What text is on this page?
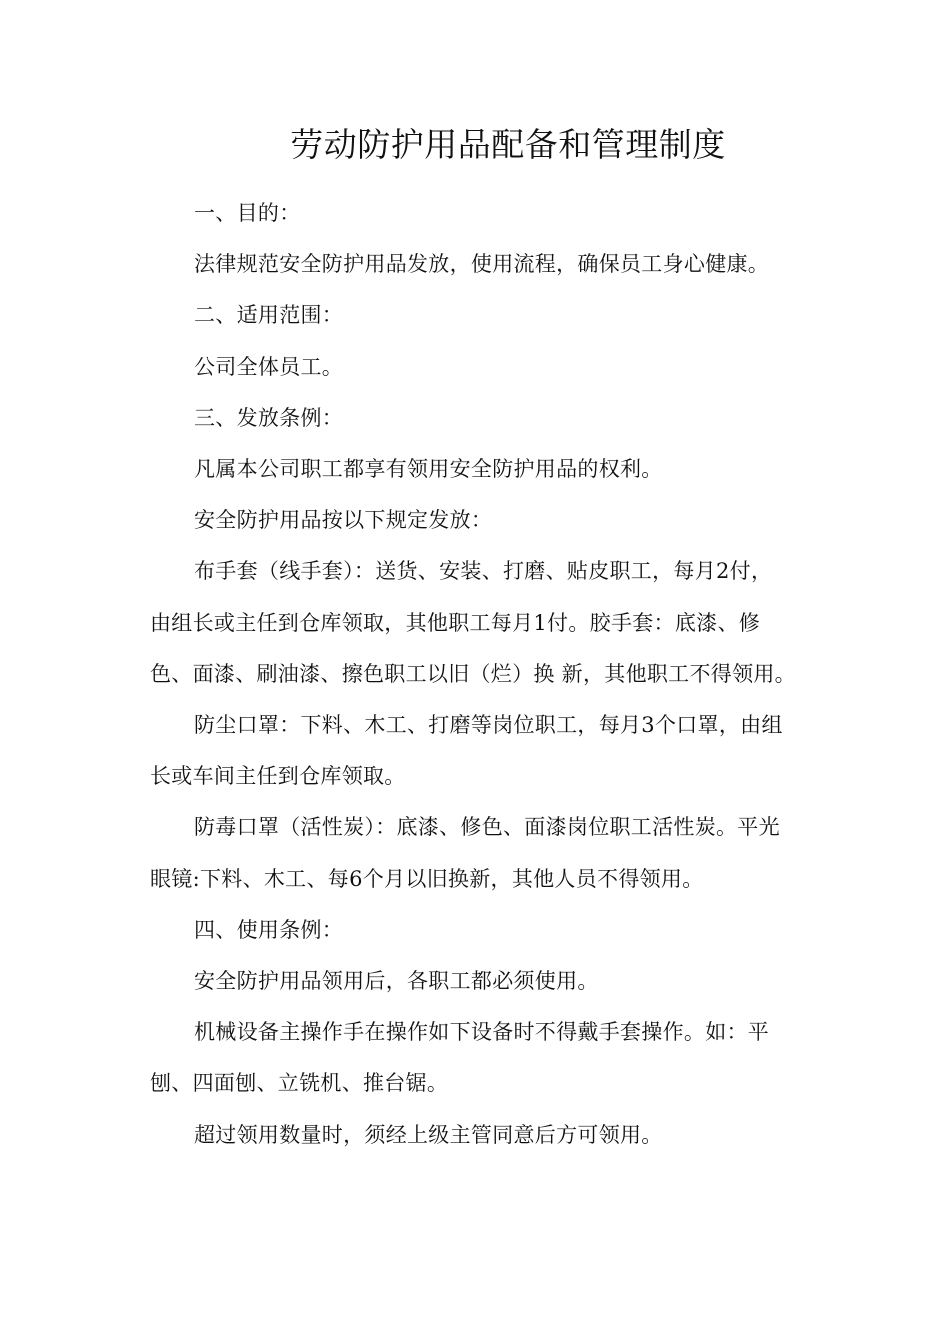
劳动防护用品配备和管理制度

一、目的：

法律规范安全防护用品发放，使用流程，确保员工身心健康。

二、适用范围：

公司全体员工。

三、发放条例：

凡属本公司职工都享有领用安全防护用品的权利。

安全防护用品按以下规定发放：

布手套（线手套）：送货、安装、打磨、贴皮职工，每月2付， 由组长或主任到仓库领取，其他职工每月1付。胶手套：底漆、修色、面漆、刷油漆、擦色职工以旧（烂）换 新，其他职工不得领用。

防尘口罩：下料、木工、打磨等岗位职工，每月3个口罩，由组长或车间主任到仓库领取。

防毒口罩（活性炭）：底漆、修色、面漆岗位职工活性炭。平光眼镜:下料、木工、每6个月以旧换新，其他人员不得领用。

四、使用条例：

安全防护用品领用后，各职工都必须使用。

机械设备主操作手在操作如下设备时不得戴手套操作。如：平刨、四面刨、立铣机、推台锯。

超过领用数量时，须经上级主管同意后方可领用。
